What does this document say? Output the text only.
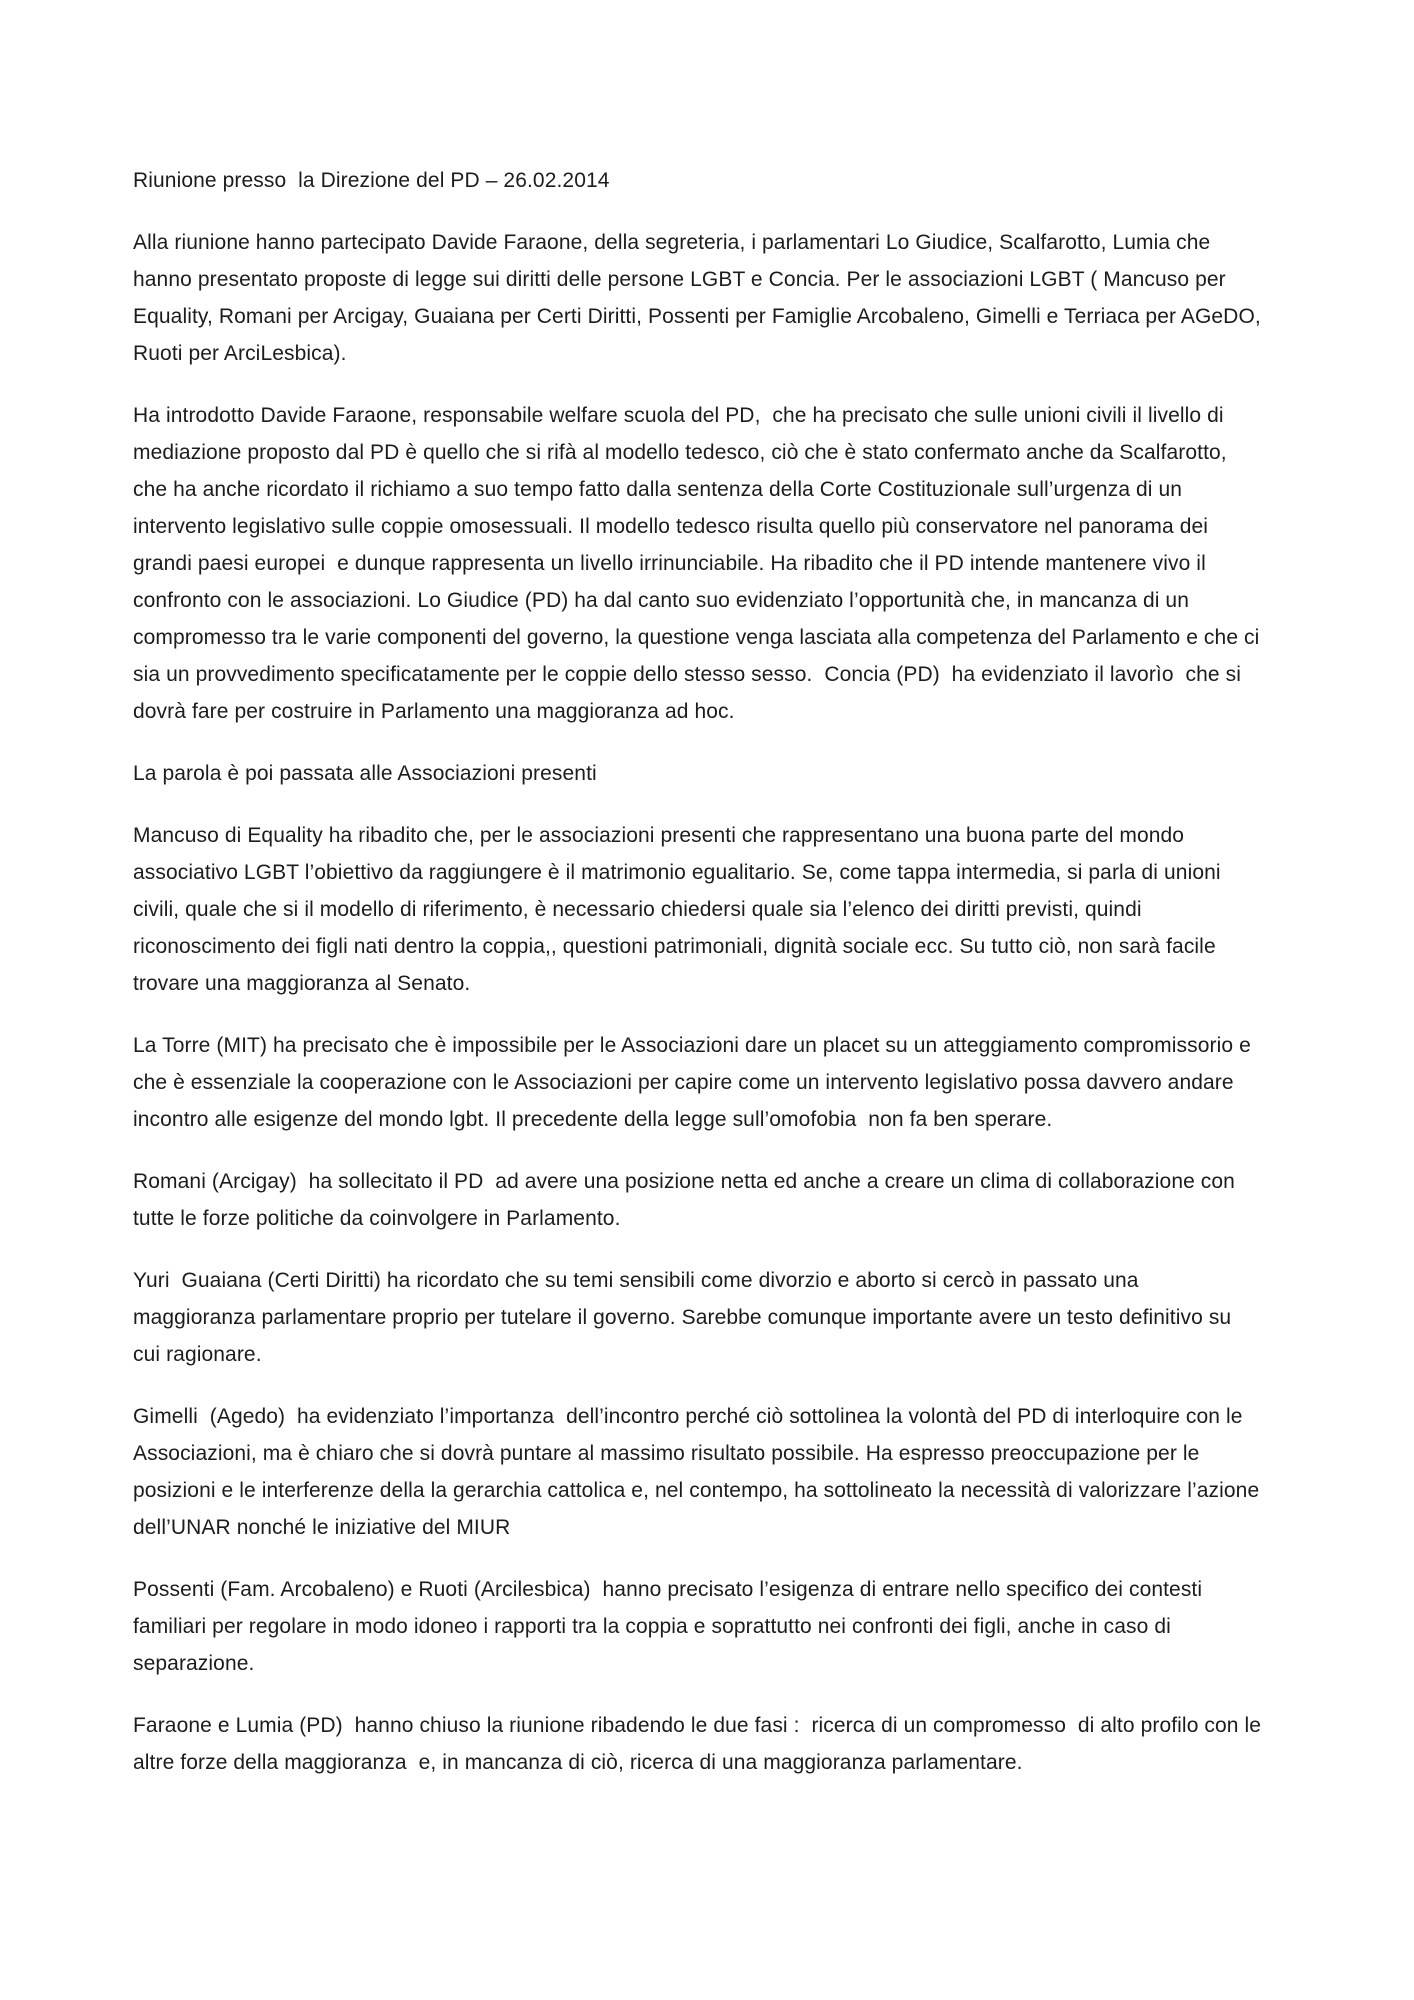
Riunione presso  la Direzione del PD – 26.02.2014

Alla riunione hanno partecipato Davide Faraone, della segreteria, i parlamentari Lo Giudice, Scalfarotto, Lumia che hanno presentato proposte di legge sui diritti delle persone LGBT e Concia. Per le associazioni LGBT ( Mancuso per Equality, Romani per Arcigay, Guaiana per Certi Diritti, Possenti per Famiglie Arcobaleno, Gimelli e Terriaca per AGeDO, Ruoti per ArciLesbica).

Ha introdotto Davide Faraone, responsabile welfare scuola del PD,  che ha precisato che sulle unioni civili il livello di mediazione proposto dal PD è quello che si rifà al modello tedesco, ciò che è stato confermato anche da Scalfarotto, che ha anche ricordato il richiamo a suo tempo fatto dalla sentenza della Corte Costituzionale sull’urgenza di un intervento legislativo sulle coppie omosessuali. Il modello tedesco risulta quello più conservatore nel panorama dei grandi paesi europei  e dunque rappresenta un livello irrinunciabile. Ha ribadito che il PD intende mantenere vivo il confronto con le associazioni. Lo Giudice (PD) ha dal canto suo evidenziato l’opportunità che, in mancanza di un compromesso tra le varie componenti del governo, la questione venga lasciata alla competenza del Parlamento e che ci sia un provvedimento specificatamente per le coppie dello stesso sesso.  Concia (PD)  ha evidenziato il lavorìo  che si dovrà fare per costruire in Parlamento una maggioranza ad hoc.

La parola è poi passata alle Associazioni presenti

Mancuso di Equality ha ribadito che, per le associazioni presenti che rappresentano una buona parte del mondo associativo LGBT l’obiettivo da raggiungere è il matrimonio egualitario. Se, come tappa intermedia, si parla di unioni civili, quale che si il modello di riferimento, è necessario chiedersi quale sia l’elenco dei diritti previsti, quindi riconoscimento dei figli nati dentro la coppia,, questioni patrimoniali, dignità sociale ecc. Su tutto ciò, non sarà facile trovare una maggioranza al Senato.

La Torre (MIT) ha precisato che è impossibile per le Associazioni dare un placet su un atteggiamento compromissorio e che è essenziale la cooperazione con le Associazioni per capire come un intervento legislativo possa davvero andare incontro alle esigenze del mondo lgbt. Il precedente della legge sull’omofobia  non fa ben sperare.

Romani (Arcigay)  ha sollecitato il PD  ad avere una posizione netta ed anche a creare un clima di collaborazione con tutte le forze politiche da coinvolgere in Parlamento.

Yuri  Guaiana (Certi Diritti) ha ricordato che su temi sensibili come divorzio e aborto si cercò in passato una maggioranza parlamentare proprio per tutelare il governo. Sarebbe comunque importante avere un testo definitivo su cui ragionare.

Gimelli  (Agedo)  ha evidenziato l’importanza  dell’incontro perché ciò sottolinea la volontà del PD di interloquire con le Associazioni, ma è chiaro che si dovrà puntare al massimo risultato possibile. Ha espresso preoccupazione per le posizioni e le interferenze della la gerarchia cattolica e, nel contempo, ha sottolineato la necessità di valorizzare l’azione dell’UNAR nonché le iniziative del MIUR

Possenti (Fam. Arcobaleno) e Ruoti (Arcilesbica)  hanno precisato l’esigenza di entrare nello specifico dei contesti familiari per regolare in modo idoneo i rapporti tra la coppia e soprattutto nei confronti dei figli, anche in caso di separazione.

Faraone e Lumia (PD)  hanno chiuso la riunione ribadendo le due fasi :  ricerca di un compromesso  di alto profilo con le altre forze della maggioranza  e, in mancanza di ciò, ricerca di una maggioranza parlamentare.
